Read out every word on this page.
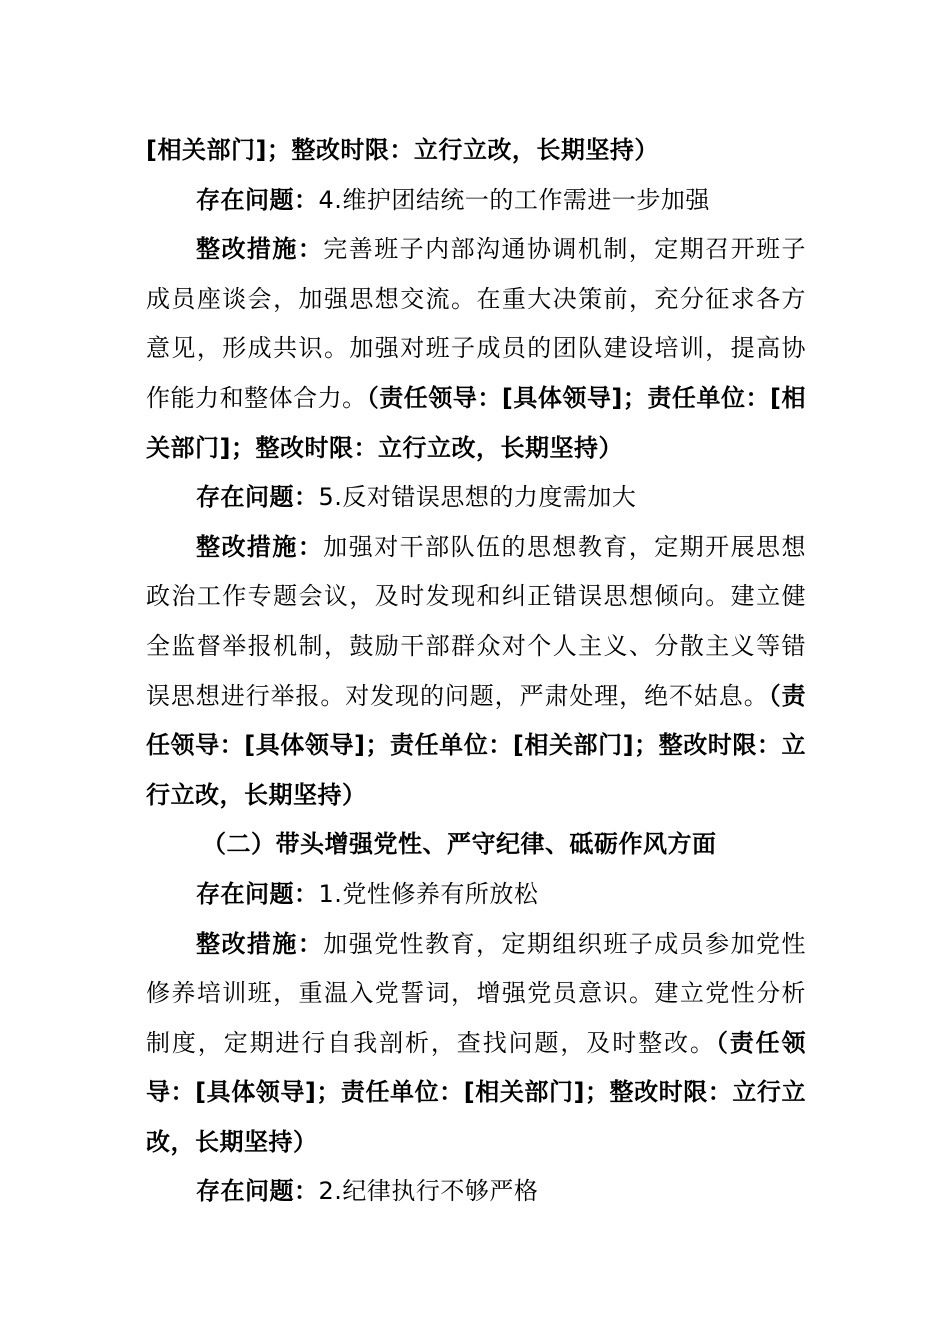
[相关部门]；整改时限：立行立改，长期坚持）

存在问题：4.维护团结统一的工作需进一步加强

整改措施：完善班子内部沟通协调机制，定期召开班子成员座谈会，加强思想交流。在重大决策前，充分征求各方意见，形成共识。加强对班子成员的团队建设培训，提高协作能力和整体合力。（责任领导：[具体领导]；责任单位：[相关部门]；整改时限：立行立改，长期坚持）

存在问题：5.反对错误思想的力度需加大

整改措施：加强对干部队伍的思想教育，定期开展思想政治工作专题会议，及时发现和纠正错误思想倾向。建立健全监督举报机制，鼓励干部群众对个人主义、分散主义等错误思想进行举报。对发现的问题，严肃处理，绝不姑息。（责任领导：[具体领导]；责任单位：[相关部门]；整改时限：立行立改，长期坚持）

（二）带头增强党性、严守纪律、砥砺作风方面

存在问题：1.党性修养有所放松

整改措施：加强党性教育，定期组织班子成员参加党性修养培训班，重温入党誓词，增强党员意识。建立党性分析制度，定期进行自我剖析，查找问题，及时整改。（责任领导：[具体领导]；责任单位：[相关部门]；整改时限：立行立改，长期坚持）

存在问题：2.纪律执行不够严格
